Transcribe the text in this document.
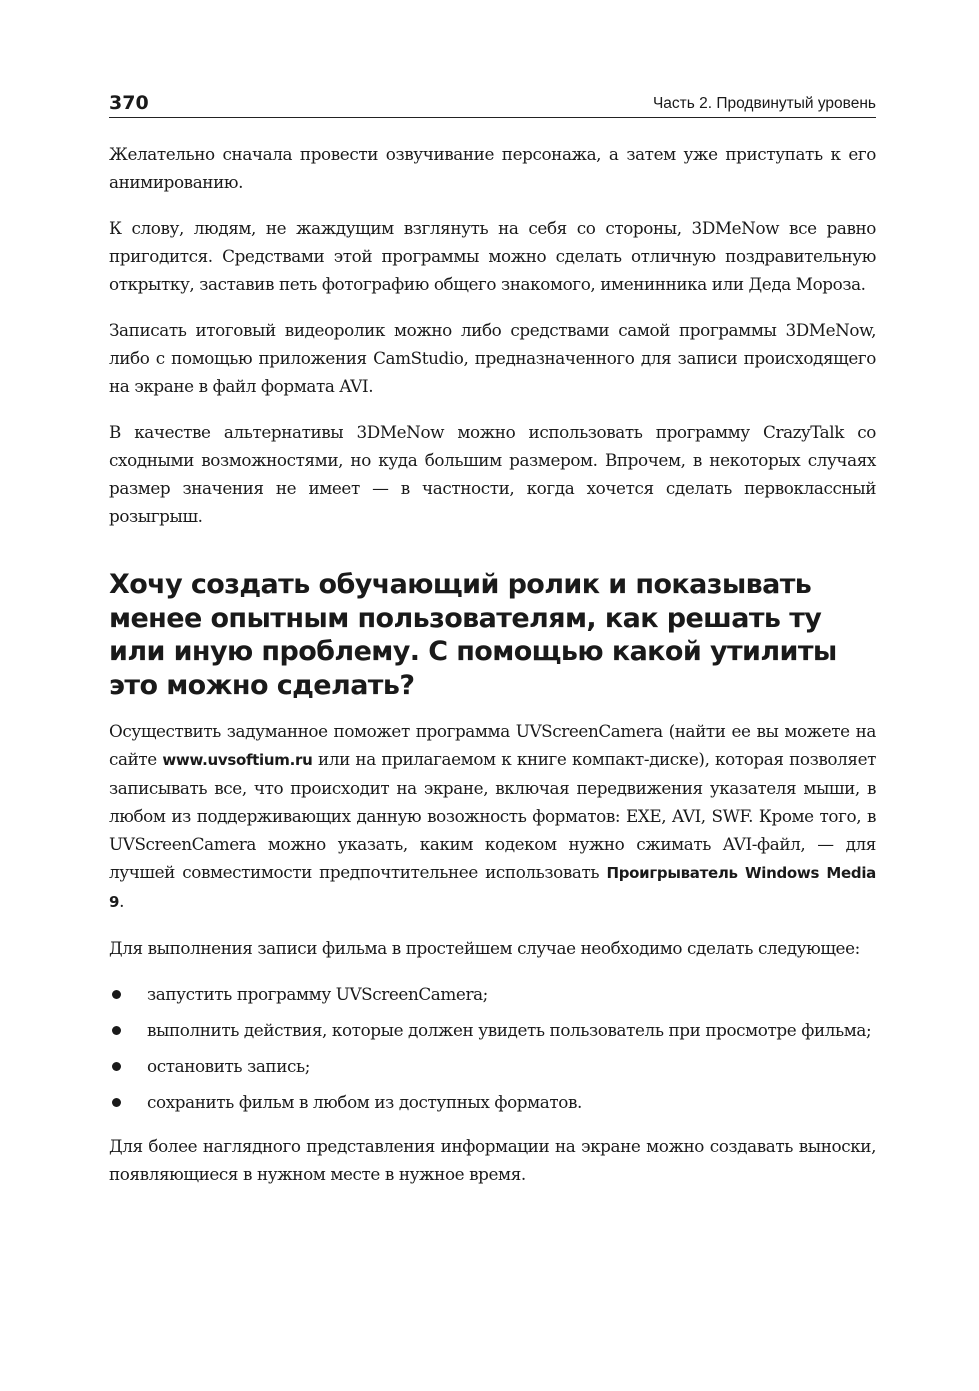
370	Часть 2. Продвинутый уровень

Желательно сначала провести озвучивание персонажа, а затем уже приступать к его анимированию.

К слову, людям, не жаждущим взглянуть на себя со стороны, 3DMeNow все равно пригодится. Средствами этой программы можно сделать отличную поздравительную открытку, заставив петь фотографию общего знакомого, именинника или Деда Мороза.

Записать итоговый видеоролик можно либо средствами самой программы 3DMeNow, либо с помощью приложения CamStudio, предназначенного для записи происходящего на экране в файл формата AVI.

В качестве альтернативы 3DMeNow можно использовать программу CrazyTalk со сходными возможностями, но куда большим размером. Впрочем, в некоторых случаях размер значения не имеет — в частности, когда хочется сделать первоклассный розыгрыш.

Хочу создать обучающий ролик и показывать менее опытным пользователям, как решать ту или иную проблему. С помощью какой утилиты это можно сделать?

Осуществить задуманное поможет программа UVScreenCamera (найти ее вы можете на сайте www.uvsoftium.ru или на прилагаемом к книге компакт-диске), которая позволяет записывать все, что происходит на экране, включая передвижения указателя мыши, в любом из поддерживающих данную возожность форматов: EXE, AVI, SWF. Кроме того, в UVScreenCamera можно указать, каким кодеком нужно сжимать AVI-файл, — для лучшей совместимости предпочтительнее использовать Проигрыватель Windows Media 9.

Для выполнения записи фильма в простейшем случае необходимо сделать следующее:

запустить программу UVScreenCamera;
выполнить действия, которые должен увидеть пользователь при просмотре фильма;
остановить запись;
сохранить фильм в любом из доступных форматов.

Для более наглядного представления информации на экране можно создавать выноски, появляющиеся в нужном месте в нужное время.
